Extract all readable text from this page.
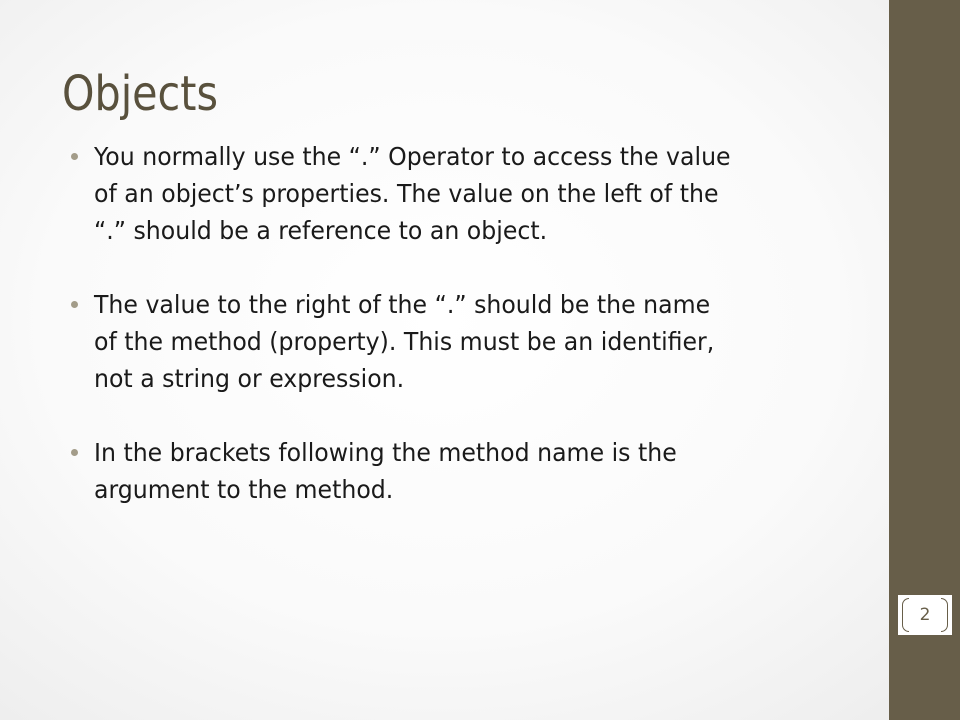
Objects
You normally use the “.” Operator to access the value
of an object’s properties. The value on the left of the
“.” should be a reference to an object.
The value to the right of the “.” should be the name
of the method (property). This must be an identifier,
not a string or expression.
In the brackets following the method name is the
argument to the method.
2
